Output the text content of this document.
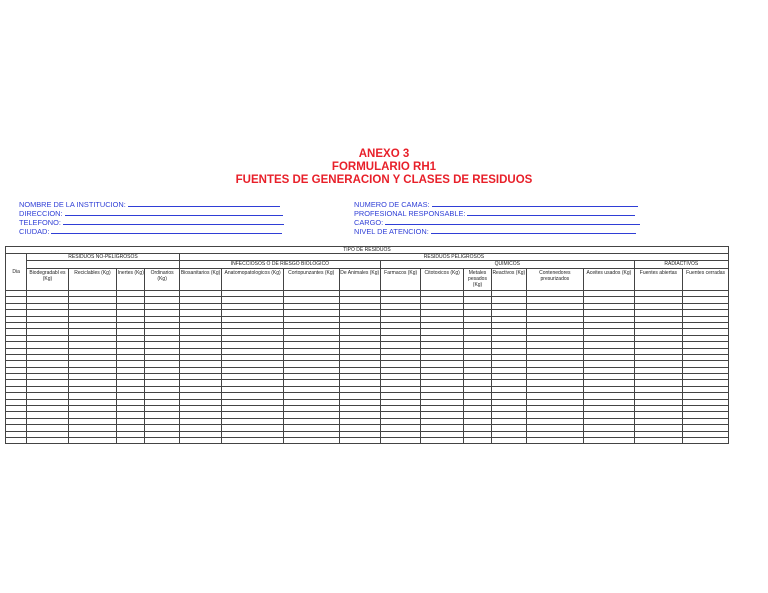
ANEXO 3
FORMULARIO RH1
FUENTES DE GENERACION Y CLASES DE RESIDUOS
NOMBRE DE LA INSTITUCION:
DIRECCION:
TELEFONO:
CIUDAD:
NUMERO DE CAMAS:
PROFESIONAL RESPONSABLE:
CARGO:
NIVEL DE ATENCION:
TIPO DE RESIDUOS																
Dia	RESIDUOS NO-PELIGROSOS				RESIDUOS PELIGROSOS											
					INFECCIOSOS O DE RIESGO BIOLOGICO				QUIMICOS						RADIACTIVOS	
	Biodegradabl es (Kg)	Reciclables (Kg)	Inertes (Kg)	Ordinarios (Kg)	Biosanitarios (Kg)	Anatomopatologicos (Kg)	Cortopunzantes (Kg)	De Animales (Kg)	Farmacos (Kg)	Citotoxicos (Kg)	Metales pesados (Kg)	Reactivos (Kg)	Contenedores presurizados	Aceites usados (Kg)	Fuentes abiertas	Fuentes cerradas
